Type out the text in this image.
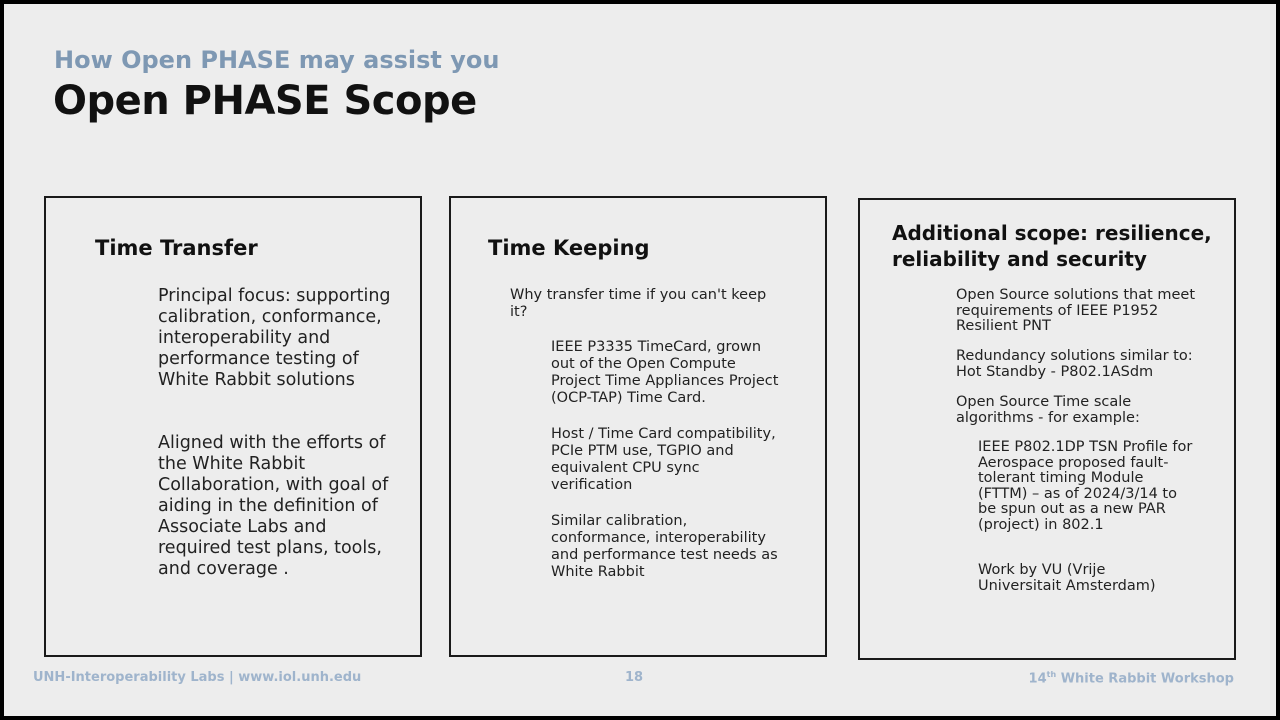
How Open PHASE may assist you
Open PHASE Scope
Time Transfer

Principal focus: supporting calibration, conformance, interoperability and performance testing of White Rabbit solutions

Aligned with the efforts of the White Rabbit Collaboration, with goal of aiding in the definition of Associate Labs and required test plans, tools, and coverage .

Time Keeping

Why transfer time if you can't keep it?

IEEE P3335 TimeCard, grown out of the Open Compute Project Time Appliances Project (OCP-TAP) Time Card.

Host / Time Card compatibility, PCIe PTM use, TGPIO and equivalent CPU sync verification

Similar calibration, conformance, interoperability and performance test needs as White Rabbit

Additional scope: resilience, reliability and security

Open Source solutions that meet requirements of IEEE P1952 Resilient PNT

Redundancy solutions similar to: Hot Standby - P802.1ASdm

Open Source Time scale algorithms - for example:

IEEE P802.1DP TSN Profile for Aerospace proposed fault-tolerant timing Module (FTTM) – as of 2024/3/14 to be spun out as a new PAR (project) in 802.1

Work by VU (Vrije Universitait Amsterdam)

UNH-Interoperability Labs | www.iol.unh.edu	18	14th White Rabbit Workshop
